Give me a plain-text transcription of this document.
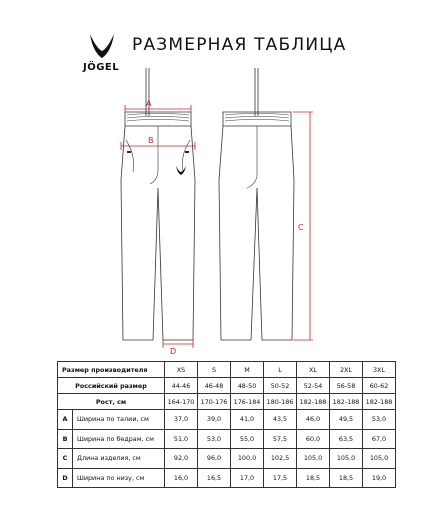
JÖGEL
РАЗМЕРНАЯ ТАБЛИЦА
A
B
D
C
Размер производителя		XS	S	M	L	XL	2XL	3XL
Российский размер		44-46	46-48	48-50	50-52	52-54	56-58	60-62
Рост, см		164-170	170-176	176-184	180-186	182-188	182-188	182-188
A	Ширина по талии, см	37,0	39,0	41,0	43,5	46,0	49,5	53,0
B	Ширина по бедрам, см	51,0	53,0	55,0	57,5	60,0	63,5	67,0
C	Длина изделия, см	92,0	96,0	100,0	102,5	105,0	105,0	105,0
D	Ширина по низу, см	16,0	16,5	17,0	17,5	18,5	18,5	19,0
